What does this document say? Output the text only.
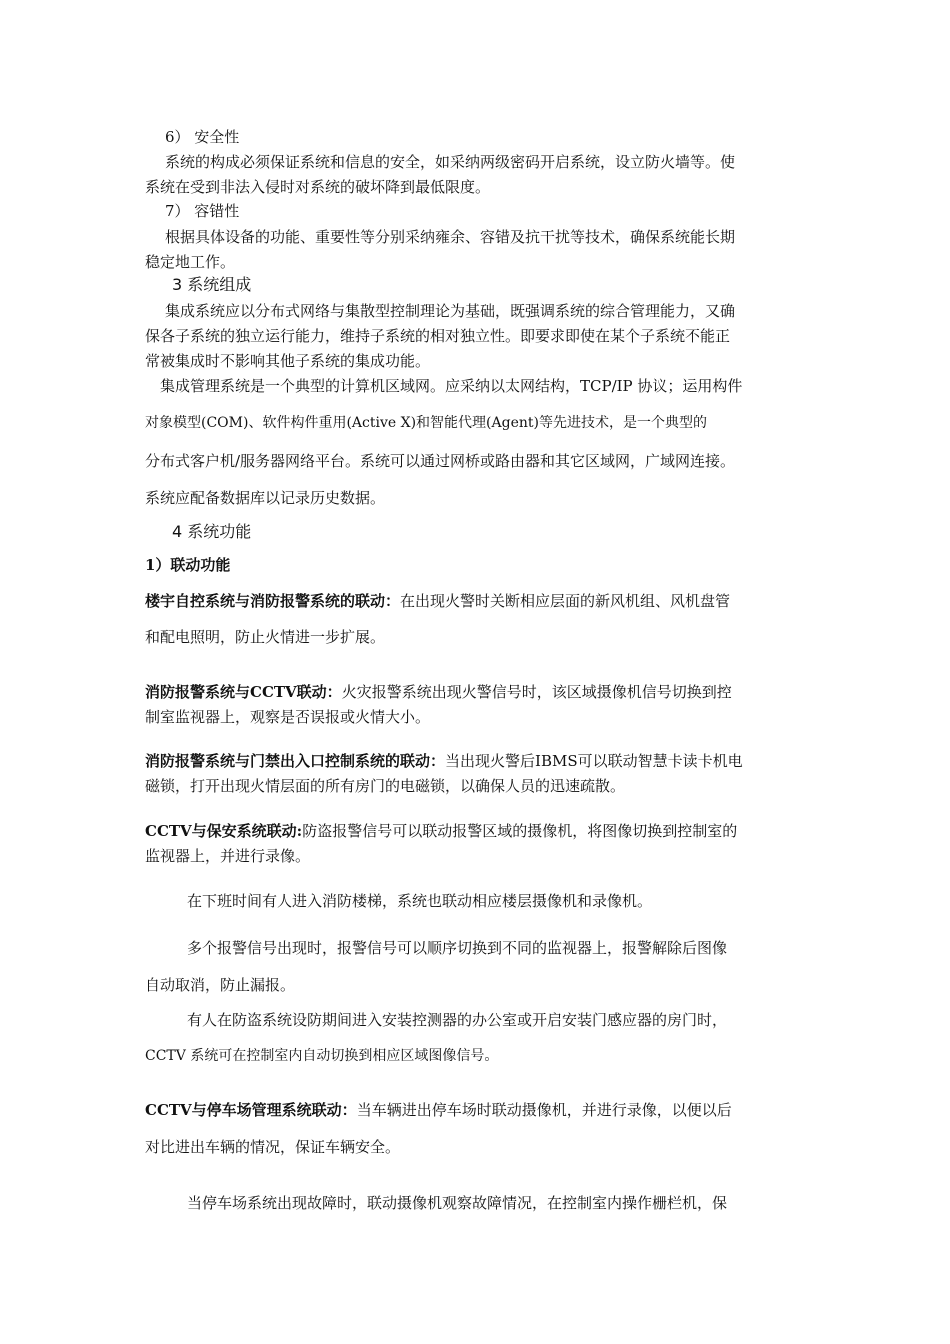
6） 安全性
系统的构成必须保证系统和信息的安全，如采纳两级密码开启系统，设立防火墙等。使
系统在受到非法入侵时对系统的破坏降到最低限度。
7） 容错性
根据具体设备的功能、重要性等分别采纳雍余、容错及抗干扰等技术，确保系统能长期
稳定地工作。
3 系统组成
集成系统应以分布式网络与集散型控制理论为基础，既强调系统的综合管理能力，又确
保各子系统的独立运行能力，维持子系统的相对独立性。即要求即使在某个子系统不能正
常被集成时不影响其他子系统的集成功能。
集成管理系统是一个典型的计算机区域网。应采纳以太网结构，TCP/IP 协议；运用构件
对象模型(COM)、软件构件重用(Active X)和智能代理(Agent)等先进技术，是一个典型的
分布式客户机/服务器网络平台。系统可以通过网桥或路由器和其它区域网，广域网连接。
系统应配备数据库以记录历史数据。
4 系统功能
1）联动功能
楼宇自控系统与消防报警系统的联动：在出现火警时关断相应层面的新风机组、风机盘管
和配电照明，防止火情进一步扩展。
消防报警系统与CCTV联动：火灾报警系统出现火警信号时，该区域摄像机信号切换到控
制室监视器上，观察是否误报或火情大小。
消防报警系统与门禁出入口控制系统的联动：当出现火警后IBMS可以联动智慧卡读卡机电
磁锁，打开出现火情层面的所有房门的电磁锁，以确保人员的迅速疏散。
CCTV与保安系统联动:防盗报警信号可以联动报警区域的摄像机，将图像切换到控制室的
监视器上，并进行录像。
在下班时间有人进入消防楼梯，系统也联动相应楼层摄像机和录像机。
多个报警信号出现时，报警信号可以顺序切换到不同的监视器上，报警解除后图像
自动取消，防止漏报。
有人在防盗系统设防期间进入安装控测器的办公室或开启安装门感应器的房门时，
CCTV 系统可在控制室内自动切换到相应区域图像信号。
CCTV与停车场管理系统联动：当车辆进出停车场时联动摄像机，并进行录像，以便以后
对比进出车辆的情况，保证车辆安全。
当停车场系统出现故障时，联动摄像机观察故障情况，在控制室内操作栅栏机，保
